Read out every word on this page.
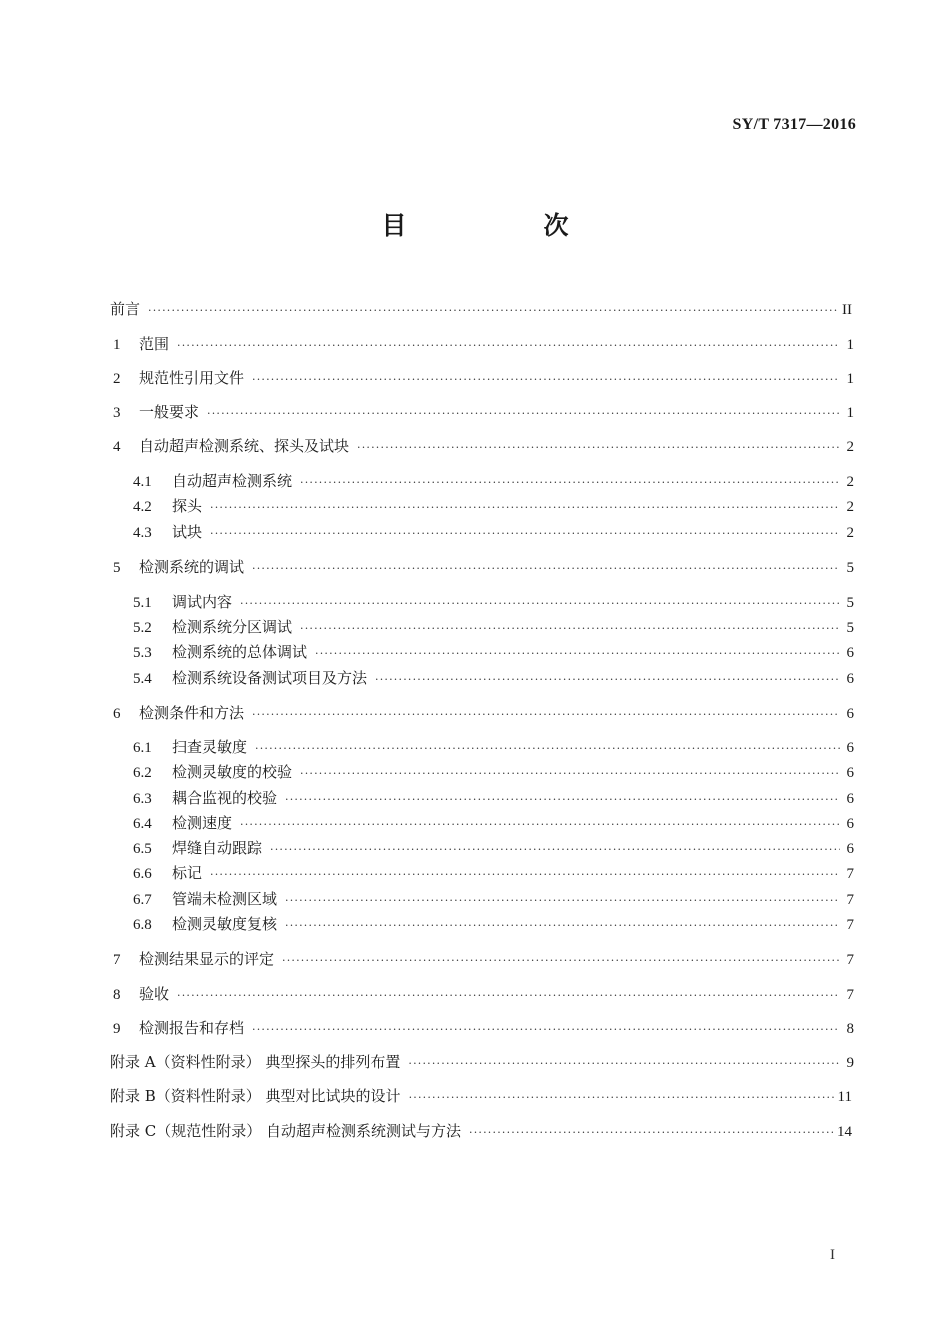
SY/T 7317—2016
目　次
前言 ·····	II
1	范围 ·····	1
2	规范性引用文件 ·····	1
3	一般要求 ·····	1
4	自动超声检测系统、探头及试块 ·····	2
4.1	自动超声检测系统 ·····	2
4.2	探头 ·····	2
4.3	试块 ·····	2
5	检测系统的调试 ·····	5
5.1	调试内容 ·····	5
5.2	检测系统分区调试 ·····	5
5.3	检测系统的总体调试 ·····	6
5.4	检测系统设备测试项目及方法 ·····	6
6	检测条件和方法 ·····	6
6.1	扫查灵敏度 ·····	6
6.2	检测灵敏度的校验 ·····	6
6.3	耦合监视的校验 ·····	6
6.4	检测速度 ·····	6
6.5	焊缝自动跟踪 ·····	6
6.6	标记 ·····	7
6.7	管端未检测区域 ·····	7
6.8	检测灵敏度复核 ·····	7
7	检测结果显示的评定 ·····	7
8	验收 ·····	7
9	检测报告和存档 ·····	8
附录 A（资料性附录） 典型探头的排列布置 ·····	9
附录 B（资料性附录） 典型对比试块的设计 ·····	11
附录 C（规范性附录） 自动超声检测系统测试与方法 ·····	14
I
